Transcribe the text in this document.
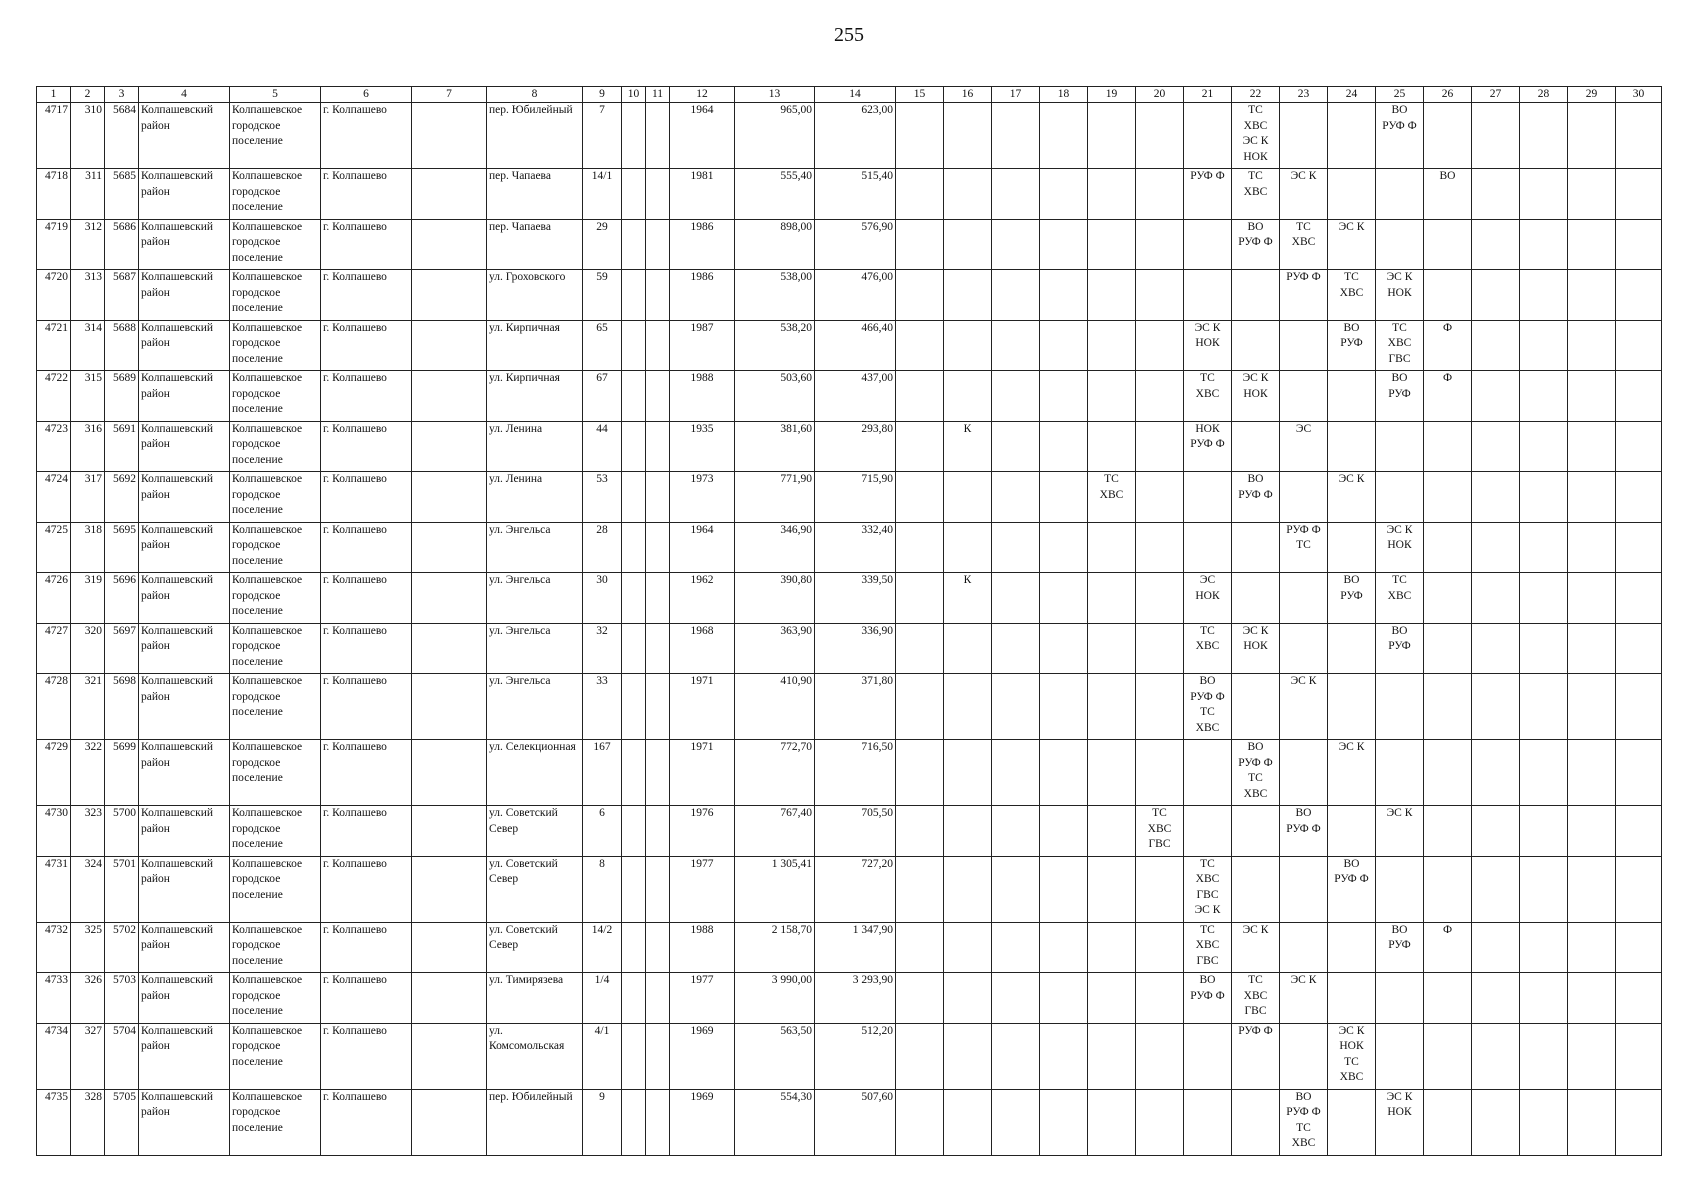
255
1	2	3	4	5	6	7	8	9	10	11	12	13	14	15	16	17	18	19	20	21	22	23	24	25	26	27	28	29	30
4717	310	5684	Колпашевский район	Колпашевское городское поселение	г. Колпашево		пер. Юбилейный	7			1964	965,00	623,00								ТС
ХВС
ЭС К
НОК			ВО
РУФ Ф					
4718	311	5685	Колпашевский район	Колпашевское городское поселение	г. Колпашево		пер. Чапаева	14/1			1981	555,40	515,40							РУФ Ф	ТС
ХВС	ЭС К			ВО				
4719	312	5686	Колпашевский район	Колпашевское городское поселение	г. Колпашево		пер. Чапаева	29			1986	898,00	576,90								ВО
РУФ Ф	ТС
ХВС	ЭС К						
4720	313	5687	Колпашевский район	Колпашевское городское поселение	г. Колпашево		ул. Гроховского	59			1986	538,00	476,00									РУФ Ф	ТС
ХВС	ЭС К
НОК					
4721	314	5688	Колпашевский район	Колпашевское городское поселение	г. Колпашево		ул. Кирпичная	65			1987	538,20	466,40							ЭС К
НОК			ВО
РУФ	ТС
ХВС
ГВС	Ф				
4722	315	5689	Колпашевский район	Колпашевское городское поселение	г. Колпашево		ул. Кирпичная	67			1988	503,60	437,00							ТС
ХВС	ЭС К
НОК			ВО
РУФ	Ф				
4723	316	5691	Колпашевский район	Колпашевское городское поселение	г. Колпашево		ул. Ленина	44			1935	381,60	293,80		К					НОК
РУФ Ф		ЭС							
4724	317	5692	Колпашевский район	Колпашевское городское поселение	г. Колпашево		ул. Ленина	53			1973	771,90	715,90					ТС
ХВС			ВО
РУФ Ф		ЭС К						
4725	318	5695	Колпашевский район	Колпашевское городское поселение	г. Колпашево		ул. Энгельса	28			1964	346,90	332,40									РУФ Ф
ТС		ЭС К
НОК					
4726	319	5696	Колпашевский район	Колпашевское городское поселение	г. Колпашево		ул. Энгельса	30			1962	390,80	339,50		К					ЭС
НОК			ВО
РУФ	ТС
ХВС					
4727	320	5697	Колпашевский район	Колпашевское городское поселение	г. Колпашево		ул. Энгельса	32			1968	363,90	336,90							ТС
ХВС	ЭС К
НОК			ВО
РУФ					
4728	321	5698	Колпашевский район	Колпашевское городское поселение	г. Колпашево		ул. Энгельса	33			1971	410,90	371,80							ВО
РУФ Ф
ТС
ХВС		ЭС К							
4729	322	5699	Колпашевский район	Колпашевское городское поселение	г. Колпашево		ул. Селекционная	167			1971	772,70	716,50								ВО
РУФ Ф
ТС
ХВС		ЭС К						
4730	323	5700	Колпашевский район	Колпашевское городское поселение	г. Колпашево		ул. Советский Север	6			1976	767,40	705,50						ТС
ХВС
ГВС			ВО
РУФ Ф		ЭС К					
4731	324	5701	Колпашевский район	Колпашевское городское поселение	г. Колпашево		ул. Советский Север	8			1977	1 305,41	727,20							ТС
ХВС
ГВС
ЭС К			ВО
РУФ Ф						
4732	325	5702	Колпашевский район	Колпашевское городское поселение	г. Колпашево		ул. Советский Север	14/2			1988	2 158,70	1 347,90							ТС
ХВС
ГВС	ЭС К			ВО
РУФ	Ф				
4733	326	5703	Колпашевский район	Колпашевское городское поселение	г. Колпашево		ул. Тимирязева	1/4			1977	3 990,00	3 293,90							ВО
РУФ Ф	ТС
ХВС
ГВС	ЭС К							
4734	327	5704	Колпашевский район	Колпашевское городское поселение	г. Колпашево		ул. Комсомольская	4/1			1969	563,50	512,20								РУФ Ф		ЭС К
НОК
ТС
ХВС						
4735	328	5705	Колпашевский район	Колпашевское городское поселение	г. Колпашево		пер. Юбилейный	9			1969	554,30	507,60									ВО
РУФ Ф
ТС
ХВС		ЭС К
НОК					
